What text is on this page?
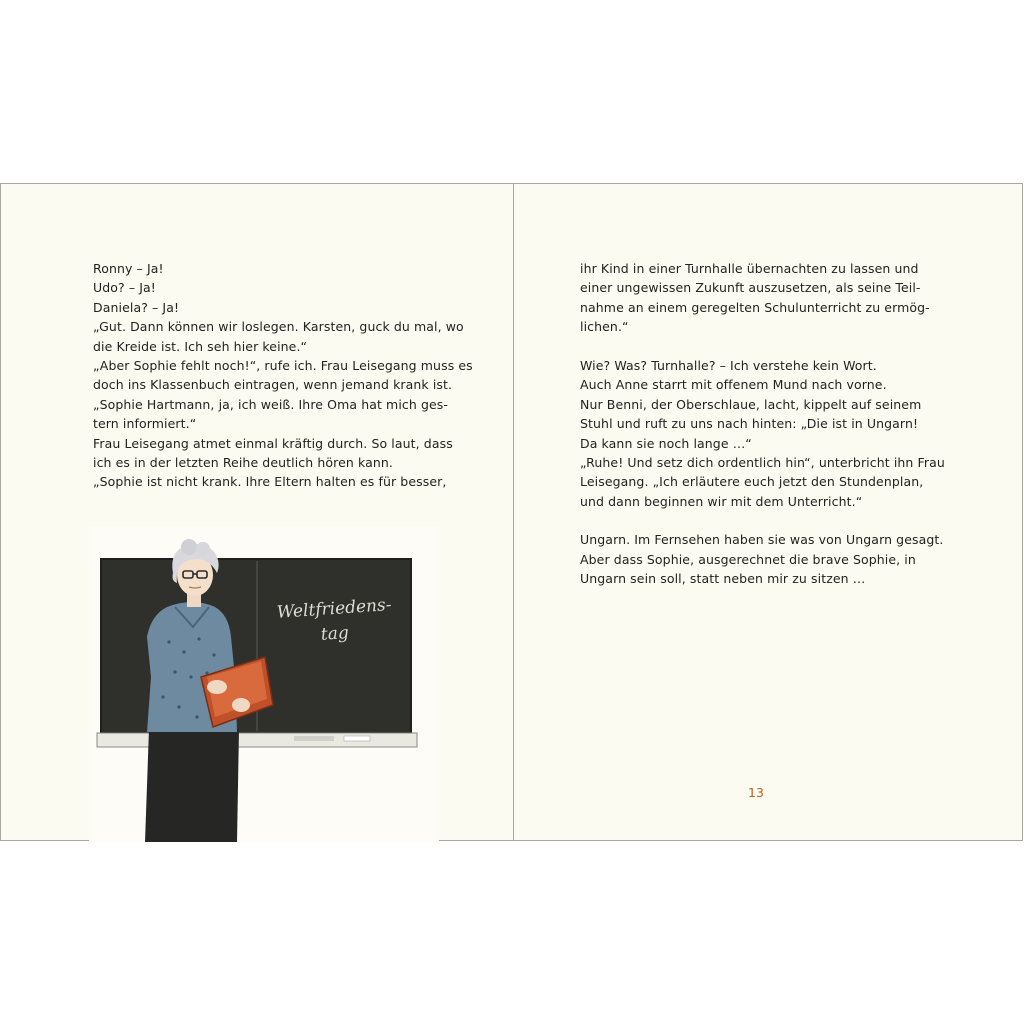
Ronny – Ja!
Udo? – Ja!
Daniela? – Ja!
„Gut. Dann können wir loslegen. Karsten, guck du mal, wo
die Kreide ist. Ich seh hier keine.“
„Aber Sophie fehlt noch!“, rufe ich. Frau Leisegang muss es
doch ins Klassenbuch eintragen, wenn jemand krank ist.
„Sophie Hartmann, ja, ich weiß. Ihre Oma hat mich ges-
tern informiert.“
Frau Leisegang atmet einmal kräftig durch. So laut, dass
ich es in der letzten Reihe deutlich hören kann.
„Sophie ist nicht krank. Ihre Eltern halten es für besser,
Weltfriedens-
tag
ihr Kind in einer Turnhalle übernachten zu lassen und
einer ungewissen Zukunft auszusetzen, als seine Teil-
nahme an einem geregelten Schulunterricht zu ermög-
lichen.“
Wie? Was? Turnhalle? – Ich verstehe kein Wort.
Auch Anne starrt mit offenem Mund nach vorne.
Nur Benni, der Oberschlaue, lacht, kippelt auf seinem
Stuhl und ruft zu uns nach hinten: „Die ist in Ungarn!
Da kann sie noch lange …“
„Ruhe! Und setz dich ordentlich hin“, unterbricht ihn Frau
Leisegang. „Ich erläutere euch jetzt den Stundenplan,
und dann beginnen wir mit dem Unterricht.“
Ungarn. Im Fernsehen haben sie was von Ungarn gesagt.
Aber dass Sophie, ausgerechnet die brave Sophie, in
Ungarn sein soll, statt neben mir zu sitzen …
13
